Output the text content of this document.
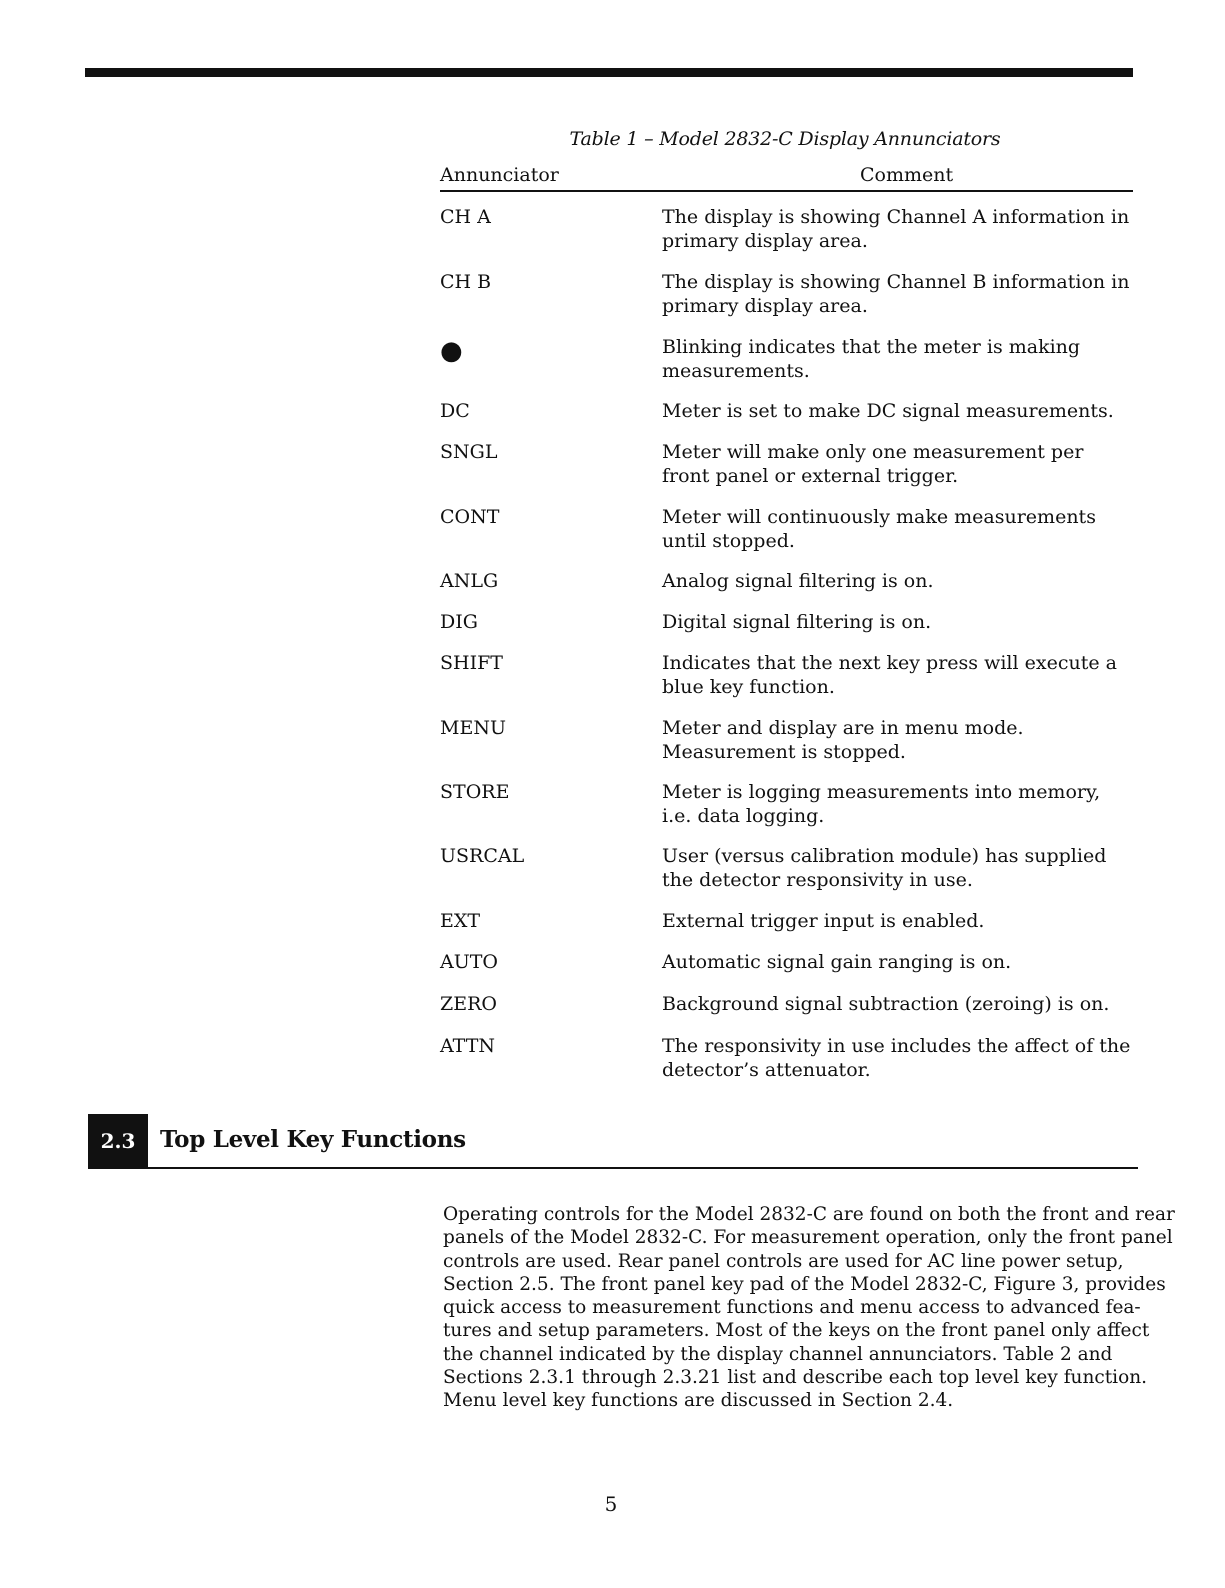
Table 1 – Model 2832-C Display Annunciators
Annunciator	Comment
CH A	The display is showing Channel A information in primary display area.
CH B	The display is showing Channel B information in primary display area.
●	Blinking indicates that the meter is making measurements.
DC	Meter is set to make DC signal measurements.
SNGL	Meter will make only one measurement per front panel or external trigger.
CONT	Meter will continuously make measurements until stopped.
ANLG	Analog signal filtering is on.
DIG	Digital signal filtering is on.
SHIFT	Indicates that the next key press will execute a blue key function.
MENU	Meter and display are in menu mode. Measurement is stopped.
STORE	Meter is logging measurements into memory, i.e. data logging.
USRCAL	User (versus calibration module) has supplied the detector responsivity in use.
EXT	External trigger input is enabled.
AUTO	Automatic signal gain ranging is on.
ZERO	Background signal subtraction (zeroing) is on.
ATTN	The responsivity in use includes the affect of the detector’s attenuator.
2.3	Top Level Key Functions

Operating controls for the Model 2832-C are found on both the front and rear

panels of the Model 2832-C. For measurement operation, only the front panel

controls are used. Rear panel controls are used for AC line power setup,

Section 2.5. The front panel key pad of the Model 2832-C, Figure 3, provides

quick access to measurement functions and menu access to advanced fea-

tures and setup parameters. Most of the keys on the front panel only affect

the channel indicated by the display channel annunciators. Table 2 and

Sections 2.3.1 through 2.3.21 list and describe each top level key function.

Menu level key functions are discussed in Section 2.4.

5
